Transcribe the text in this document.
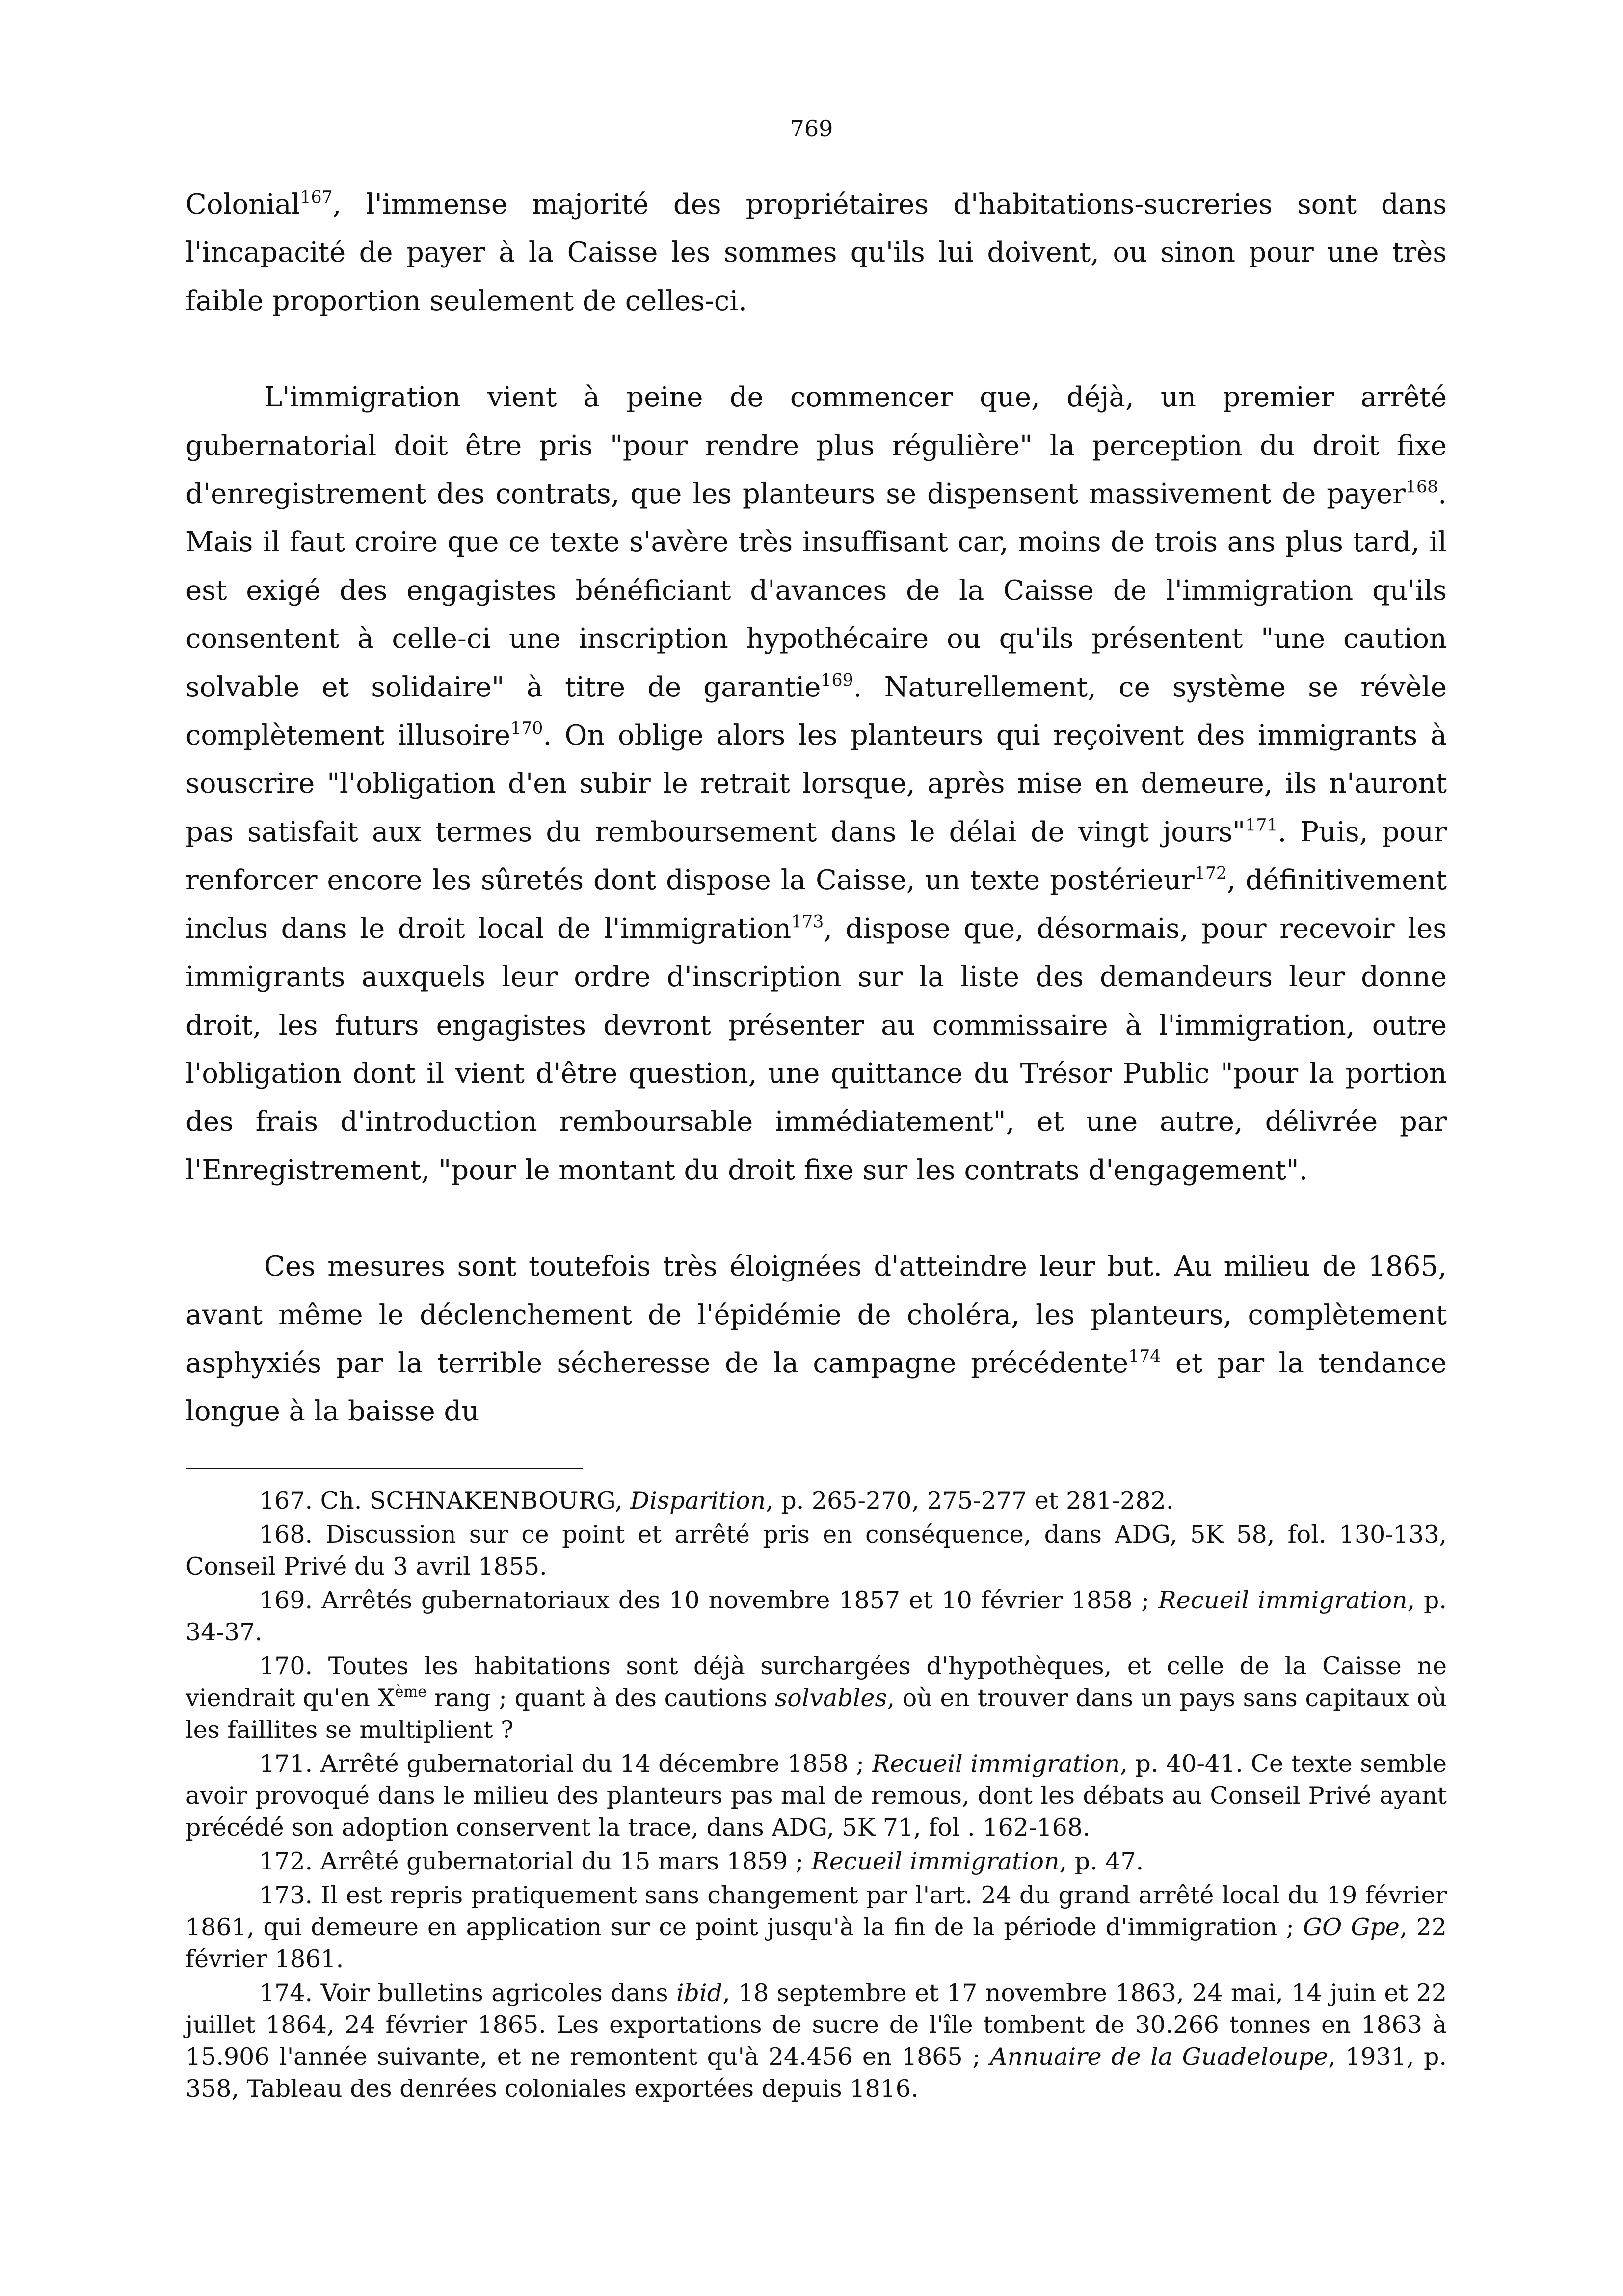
769

Colonial$^{167}$, l'immense majorité des propriétaires d'habitations-sucreries sont dans l'incapacité de payer à la Caisse les sommes qu'ils lui doivent, ou sinon pour une très faible proportion seulement de celles-ci.

L'immigration vient à peine de commencer que, déjà, un premier arrêté gubernatorial doit être pris "pour rendre plus régulière" la perception du droit fixe d'enregistrement des contrats, que les planteurs se dispensent massivement de payer$^{168}$. Mais il faut croire que ce texte s'avère très insuffisant car, moins de trois ans plus tard, il est exigé des engagistes bénéficiant d'avances de la Caisse de l'immigration qu'ils consentent à celle-ci une inscription hypothécaire ou qu'ils présentent "une caution solvable et solidaire" à titre de garantie$^{169}$. Naturellement, ce système se révèle complètement illusoire$^{170}$. On oblige alors les planteurs qui reçoivent des immigrants à souscrire "l'obligation d'en subir le retrait lorsque, après mise en demeure, ils n'auront pas satisfait aux termes du remboursement dans le délai de vingt jours"$^{171}$. Puis, pour renforcer encore les sûretés dont dispose la Caisse, un texte postérieur$^{172}$, définitivement inclus dans le droit local de l'immigration$^{173}$, dispose que, désormais, pour recevoir les immigrants auxquels leur ordre d'inscription sur la liste des demandeurs leur donne droit, les futurs engagistes devront présenter au commissaire à l'immigration, outre l'obligation dont il vient d'être question, une quittance du Trésor Public "pour la portion des frais d'introduction remboursable immédiatement", et une autre, délivrée par l'Enregistrement, "pour le montant du droit fixe sur les contrats d'engagement".

Ces mesures sont toutefois très éloignées d'atteindre leur but. Au milieu de 1865, avant même le déclenchement de l'épidémie de choléra, les planteurs, complètement asphyxiés par la terrible sécheresse de la campagne précédente$^{174}$ et par la tendance longue à la baisse du

167. Ch. SCHNAKENBOURG, Disparition, p. 265-270, 275-277 et 281-282.

168. Discussion sur ce point et arrêté pris en conséquence, dans ADG, 5K 58, fol. 130-133, Conseil Privé du 3 avril 1855.

169. Arrêtés gubernatoriaux des 10 novembre 1857 et 10 février 1858 ; Recueil immigration, p. 34-37.

170. Toutes les habitations sont déjà surchargées d'hypothèques, et celle de la Caisse ne viendrait qu'en Xème rang ; quant à des cautions solvables, où en trouver dans un pays sans capitaux où les faillites se multiplient ?

171. Arrêté gubernatorial du 14 décembre 1858 ; Recueil immigration, p. 40-41. Ce texte semble avoir provoqué dans le milieu des planteurs pas mal de remous, dont les débats au Conseil Privé ayant précédé son adoption conservent la trace, dans ADG, 5K 71, fol . 162-168.

172. Arrêté gubernatorial du 15 mars 1859 ; Recueil immigration, p. 47.

173. Il est repris pratiquement sans changement par l'art. 24 du grand arrêté local du 19 février 1861, qui demeure en application sur ce point jusqu'à la fin de la période d'immigration ; GO Gpe, 22 février 1861.

174. Voir bulletins agricoles dans ibid, 18 septembre et 17 novembre 1863, 24 mai, 14 juin et 22 juillet 1864, 24 février 1865. Les exportations de sucre de l'île tombent de 30.266 tonnes en 1863 à 15.906 l'année suivante, et ne remontent qu'à 24.456 en 1865 ; Annuaire de la Guadeloupe, 1931, p. 358, Tableau des denrées coloniales exportées depuis 1816.
